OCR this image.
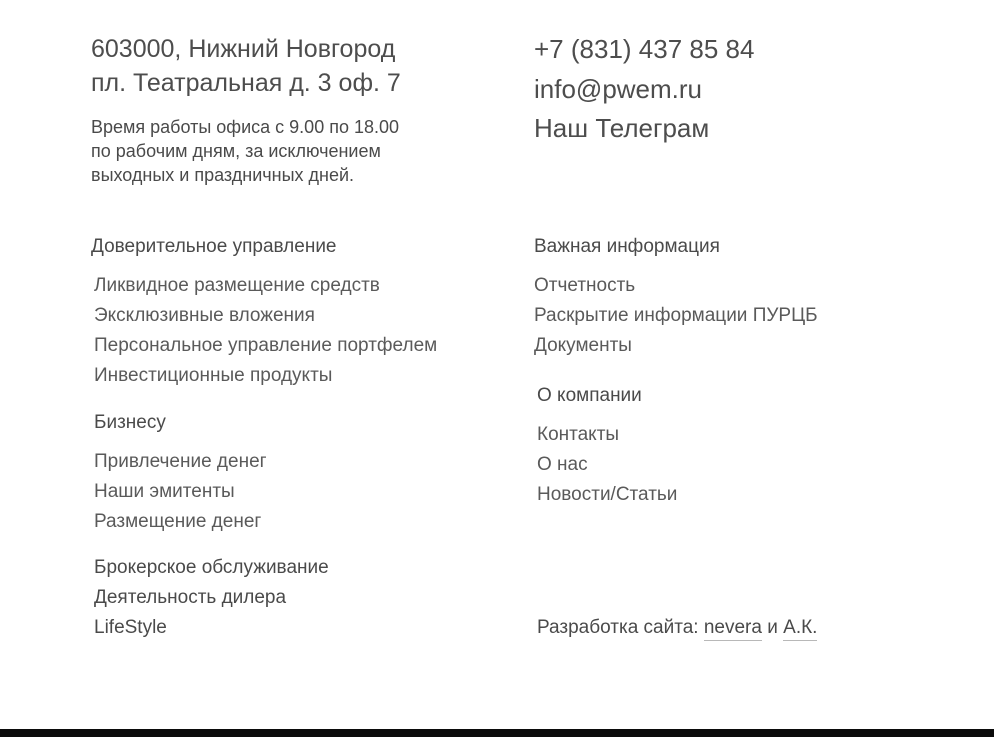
603000, Нижний Новгород
пл. Театральная д. 3 оф. 7
Время работы офиса с 9.00 по 18.00
по рабочим дням, за исключением
выходных и праздничных дней.
+7 (831) 437 85 84
info@pwem.ru
Наш Телеграм
Доверительное управление
Ликвидное размещение средств
Эксклюзивные вложения
Персональное управление портфелем
Инвестиционные продукты
Бизнесу
Привлечение денег
Наши эмитенты
Размещение денег
Брокерское обслуживание
Деятельность дилера
LifeStyle
Важная информация
Отчетность
Раскрытие информации ПУРЦБ
Документы
О компании
Контакты
О нас
Новости/Статьи
Разработка сайта: nevera и А.К.
